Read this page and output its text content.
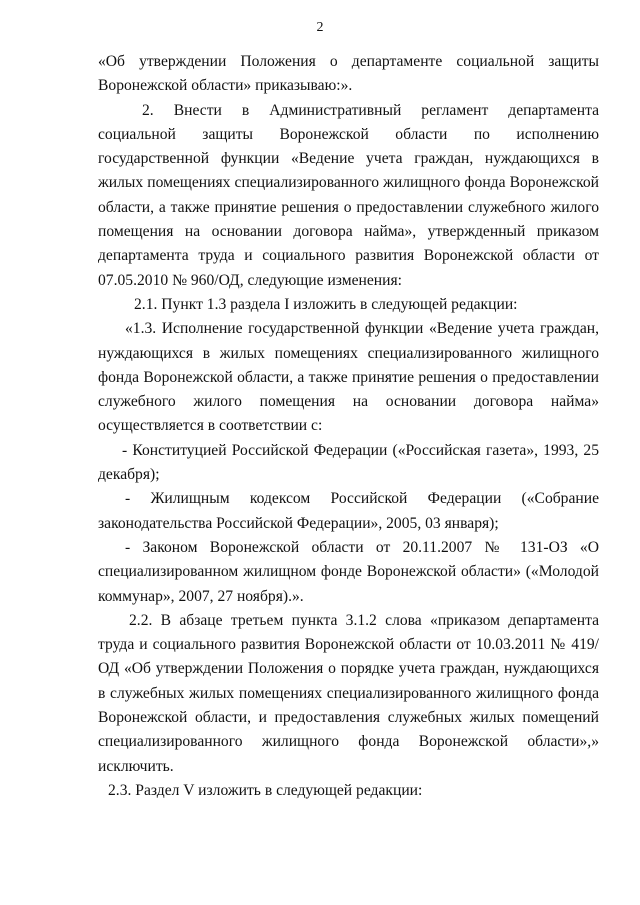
2

«Об утверждении Положения о департаменте социальной защиты Воронежской области» приказываю:».

2. Внести в Административный регламент департамента социальной защиты Воронежской области по исполнению государственной функции «Ведение учета граждан, нуждающихся в жилых помещениях специализированного жилищного фонда Воронежской области, а также принятие решения о предоставлении служебного жилого помещения на основании договора найма», утвержденный приказом департамента труда и социального развития Воронежской области от 07.05.2010 № 960/ОД, следующие изменения:

2.1. Пункт 1.3 раздела I изложить в следующей редакции:

«1.3. Исполнение государственной функции «Ведение учета граждан, нуждающихся в жилых помещениях специализированного жилищного фонда Воронежской области, а также принятие решения о предоставлении служебного жилого помещения на основании договора найма» осуществляется в соответствии с:

- Конституцией Российской Федерации («Российская газета», 1993, 25 декабря);

- Жилищным кодексом Российской Федерации («Собрание законодательства Российской Федерации», 2005, 03 января);

- Законом Воронежской области от 20.11.2007 № 131-ОЗ «О специализированном жилищном фонде Воронежской области» («Молодой коммунар», 2007, 27 ноября).».

2.2. В абзаце третьем пункта 3.1.2 слова «приказом департамента труда и социального развития Воронежской области от 10.03.2011 № 419/ОД «Об утверждении Положения о порядке учета граждан, нуждающихся в служебных жилых помещениях специализированного жилищного фонда Воронежской области, и предоставления служебных жилых помещений специализированного жилищного фонда Воронежской области»,» исключить.

2.3. Раздел V изложить в следующей редакции:
